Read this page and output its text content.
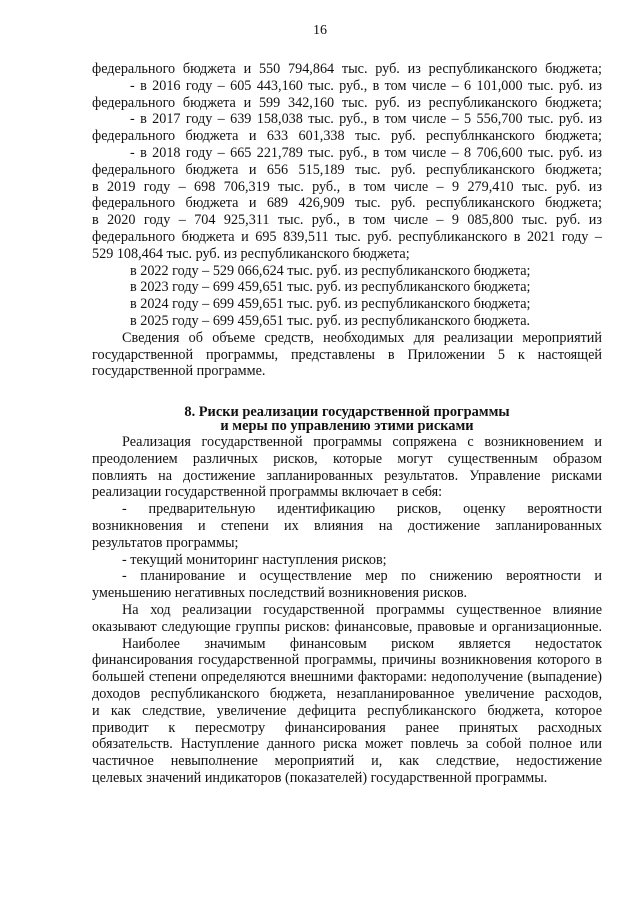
16
федерального бюджета и 550 794,864 тыс. руб. из республиканского бюджета;
- в 2016 году – 605 443,160 тыс. руб., в том числе – 6 101,000 тыс. руб. из
федерального бюджета и 599 342,160 тыс. руб. из республиканского бюджета;
- в 2017 году – 639 158,038 тыс. руб., в том числе – 5 556,700 тыс. руб. из
федерального бюджета и 633 601,338 тыс. руб. республнканского бюджета;
- в 2018 году – 665 221,789 тыс. руб., в том числе – 8 706,600 тыс. руб. из
федерального бюджета и 656 515,189 тыс. руб. республиканского бюджета;
в 2019 году – 698 706,319 тыс. руб., в том числе – 9 279,410 тыс. руб. из
федерального бюджета и 689 426,909 тыс. руб. республиканского бюджета;
в 2020 году – 704 925,311 тыс. руб., в том числе – 9 085,800 тыс. руб. из
федерального бюджета и 695 839,511 тыс. руб. республиканского в 2021 году –
529 108,464 тыс. руб. из республиканского бюджета;
в 2022 году – 529 066,624 тыс. руб. из республиканского бюджета;
в 2023 году – 699 459,651 тыс. руб. из республиканского бюджета;
в 2024 году – 699 459,651 тыс. руб. из республиканского бюджета;
в 2025 году – 699 459,651 тыс. руб. из республиканского бюджета.
Сведения об объеме средств, необходимых для реализации мероприятий
государственной программы, представлены в Приложении 5 к настоящей
государственной программе.
8. Риски реализации государственной программы
и меры по управлению этими рисками
Реализация государственной программы сопряжена с возникновением и
преодолением различных рисков, которые могут существенным образом
повлиять на достижение запланированных результатов. Управление рисками
реализации государственной программы включает в себя:
- предварительную идентификацию рисков, оценку вероятности
возникновения и степени их влияния на достижение запланированных
результатов программы;
- текущий мониторинг наступления рисков;
- планирование и осуществление мер по снижению вероятности и
уменьшению негативных последствий возникновения рисков.
На ход реализации государственной программы существенное влияние
оказывают следующие группы рисков: финансовые, правовые и организационные.
Наиболее значимым финансовым риском является недостаток
финансирования государственной программы, причины возникновения которого в
большей степени определяются внешними факторами: недополучение (выпадение)
доходов республиканского бюджета, незапланированное увеличение расходов,
и как следствие, увеличение дефицита республиканского бюджета, которое
приводит к пересмотру финансирования ранее принятых расходных
обязательств. Наступление данного риска может повлечь за собой полное или
частичное невыполнение мероприятий и, как следствие, недостижение
целевых значений индикаторов (показателей) государственной программы.
